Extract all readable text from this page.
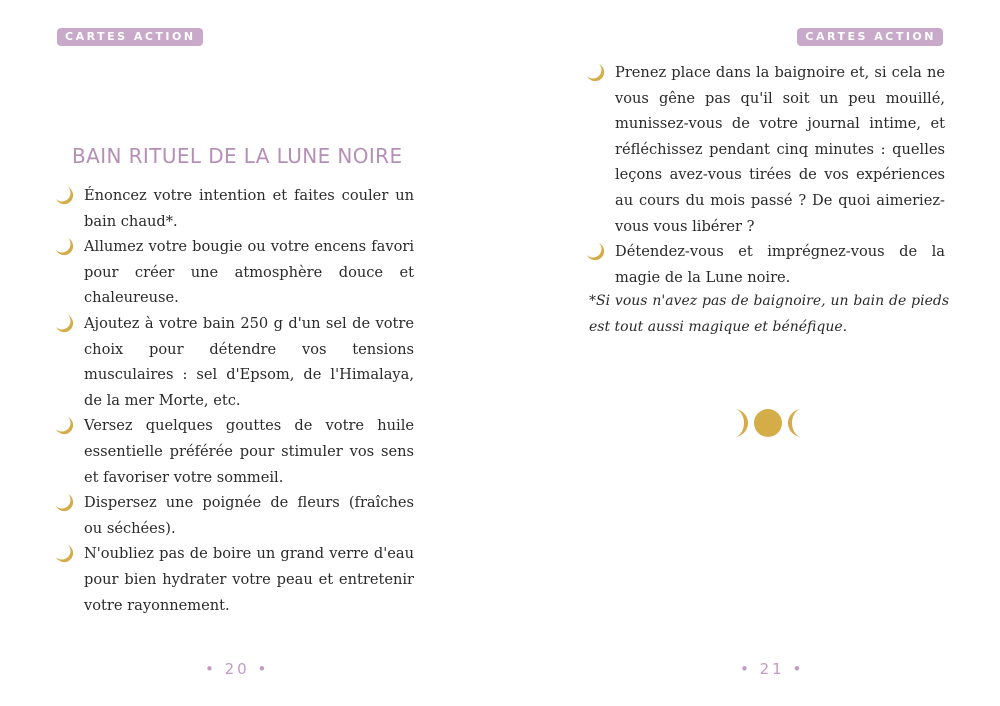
CARTES ACTION
BAIN RITUEL DE LA LUNE NOIRE
Énoncez votre intention et faites couler un bain chaud*.
Allumez votre bougie ou votre encens favori pour créer une atmosphère douce et chaleureuse.
Ajoutez à votre bain 250 g d'un sel de votre choix pour détendre vos tensions musculaires : sel d'Epsom, de l'Himalaya, de la mer Morte, etc.
Versez quelques gouttes de votre huile essentielle préférée pour stimuler vos sens et favoriser votre sommeil.
Dispersez une poignée de fleurs (fraîches ou séchées).
N'oubliez pas de boire un grand verre d'eau pour bien hydrater votre peau et entretenir votre rayonnement.
• 20 •
CARTES ACTION
Prenez place dans la baignoire et, si cela ne vous gêne pas qu'il soit un peu mouillé, munissez-vous de votre journal intime, et réfléchissez pendant cinq minutes : quelles leçons avez-vous tirées de vos expériences au cours du mois passé ? De quoi aimeriez-vous vous libérer ?
Détendez-vous et imprégnez-vous de la magie de la Lune noire.
*Si vous n'avez pas de baignoire, un bain de pieds est tout aussi magique et bénéfique.
• 21 •
